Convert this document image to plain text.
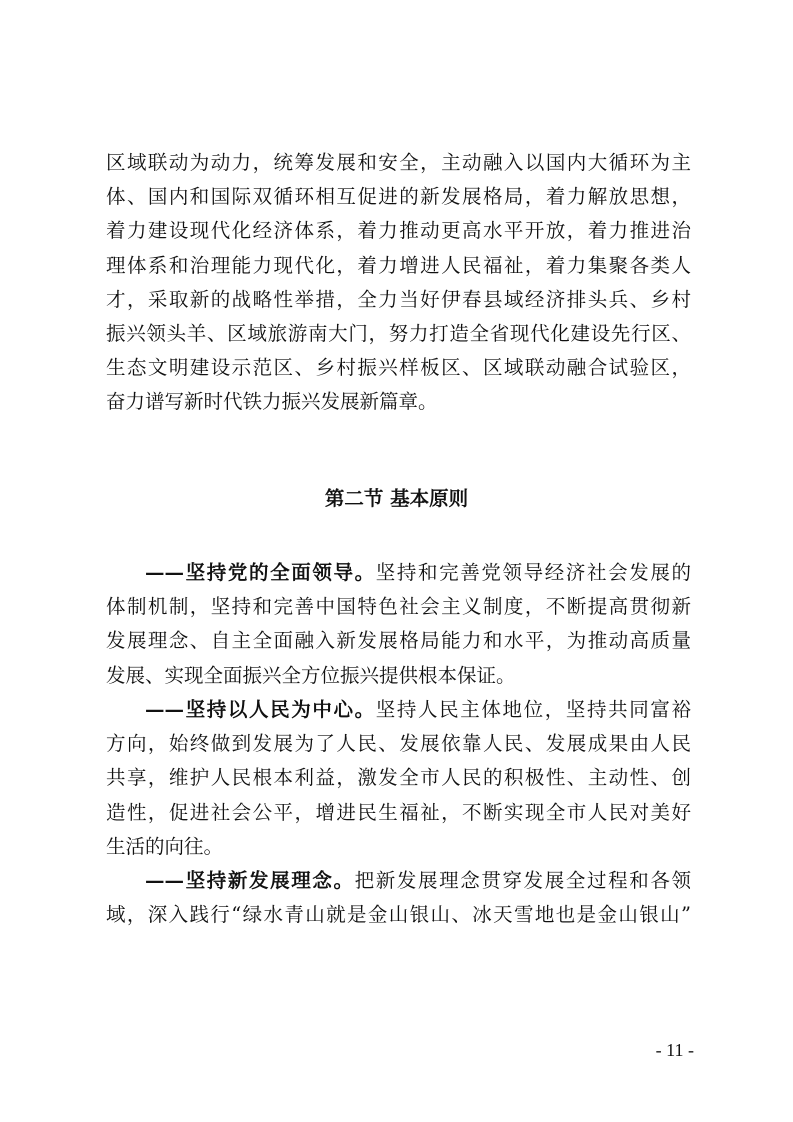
区域联动为动力，统筹发展和安全，主动融入以国内大循环为主
体、国内和国际双循环相互促进的新发展格局，着力解放思想，
着力建设现代化经济体系，着力推动更高水平开放，着力推进治
理体系和治理能力现代化，着力增进人民福祉，着力集聚各类人
才，采取新的战略性举措，全力当好伊春县域经济排头兵、乡村
振兴领头羊、区域旅游南大门，努力打造全省现代化建设先行区、
生态文明建设示范区、乡村振兴样板区、区域联动融合试验区，
奋力谱写新时代铁力振兴发展新篇章。
第二节 基本原则
——坚持党的全面领导。坚持和完善党领导经济社会发展的
体制机制，坚持和完善中国特色社会主义制度，不断提高贯彻新
发展理念、自主全面融入新发展格局能力和水平，为推动高质量
发展、实现全面振兴全方位振兴提供根本保证。
——坚持以人民为中心。坚持人民主体地位，坚持共同富裕
方向，始终做到发展为了人民、发展依靠人民、发展成果由人民
共享，维护人民根本利益，激发全市人民的积极性、主动性、创
造性，促进社会公平，增进民生福祉，不断实现全市人民对美好
生活的向往。
——坚持新发展理念。把新发展理念贯穿发展全过程和各领
域，深入践行“绿水青山就是金山银山、冰天雪地也是金山银山”
- 11 -
